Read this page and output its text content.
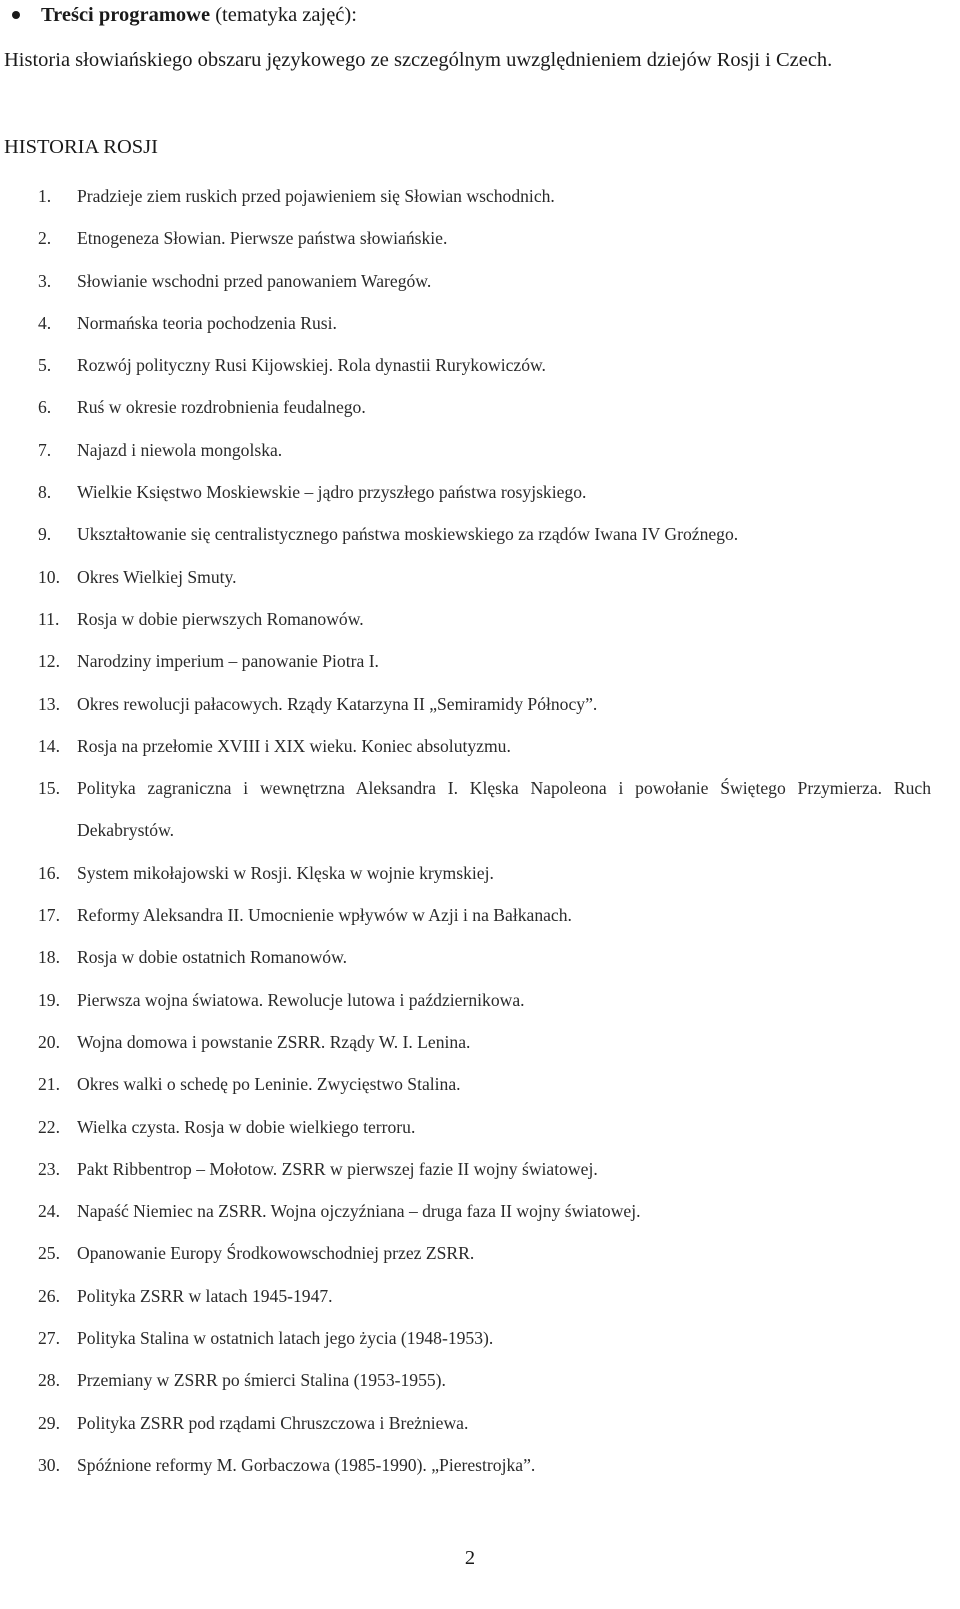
Treści programowe (tematyka zajęć):
Historia słowiańskiego obszaru językowego ze szczególnym uwzględnieniem dziejów Rosji i Czech.
HISTORIA ROSJI
1. Pradzieje ziem ruskich przed pojawieniem się Słowian wschodnich.
2. Etnogeneza Słowian. Pierwsze państwa słowiańskie.
3. Słowianie wschodni przed panowaniem Waregów.
4. Normańska teoria pochodzenia Rusi.
5. Rozwój polityczny Rusi Kijowskiej. Rola dynastii Rurykowiczów.
6. Ruś w okresie rozdrobnienia feudalnego.
7. Najazd i niewola mongolska.
8. Wielkie Księstwo Moskiewskie – jądro przyszłego państwa rosyjskiego.
9. Ukształtowanie się centralistycznego państwa moskiewskiego za rządów Iwana IV Groźnego.
10. Okres Wielkiej Smuty.
11. Rosja w dobie pierwszych Romanowów.
12. Narodziny imperium – panowanie Piotra I.
13. Okres rewolucji pałacowych. Rządy Katarzyna II „Semiramidy Północy”.
14. Rosja na przełomie XVIII i XIX wieku. Koniec absolutyzmu.
15. Polityka zagraniczna i wewnętrzna Aleksandra I. Klęska Napoleona i powołanie Świętego Przymierza. Ruch Dekabrystów.
16. System mikołajowski w Rosji. Klęska w wojnie krymskiej.
17. Reformy Aleksandra II. Umocnienie wpływów w Azji i na Bałkanach.
18. Rosja w dobie ostatnich Romanowów.
19. Pierwsza wojna światowa. Rewolucje lutowa i październikowa.
20. Wojna domowa i powstanie ZSRR. Rządy W. I. Lenina.
21. Okres walki o schedę po Leninie. Zwycięstwo Stalina.
22. Wielka czysta. Rosja w dobie wielkiego terroru.
23. Pakt Ribbentrop – Mołotow. ZSRR w pierwszej fazie II wojny światowej.
24. Napaść Niemiec na ZSRR. Wojna ojczyźniana – druga faza II wojny światowej.
25. Opanowanie Europy Środkowowschodniej przez ZSRR.
26. Polityka ZSRR w latach 1945-1947.
27. Polityka Stalina w ostatnich latach jego życia (1948-1953).
28. Przemiany w ZSRR po śmierci Stalina (1953-1955).
29. Polityka ZSRR pod rządami Chruszczowa i Breżniewa.
30. Spóźnione reformy M. Gorbaczowa (1985-1990). „Pierestrojka”.
2
